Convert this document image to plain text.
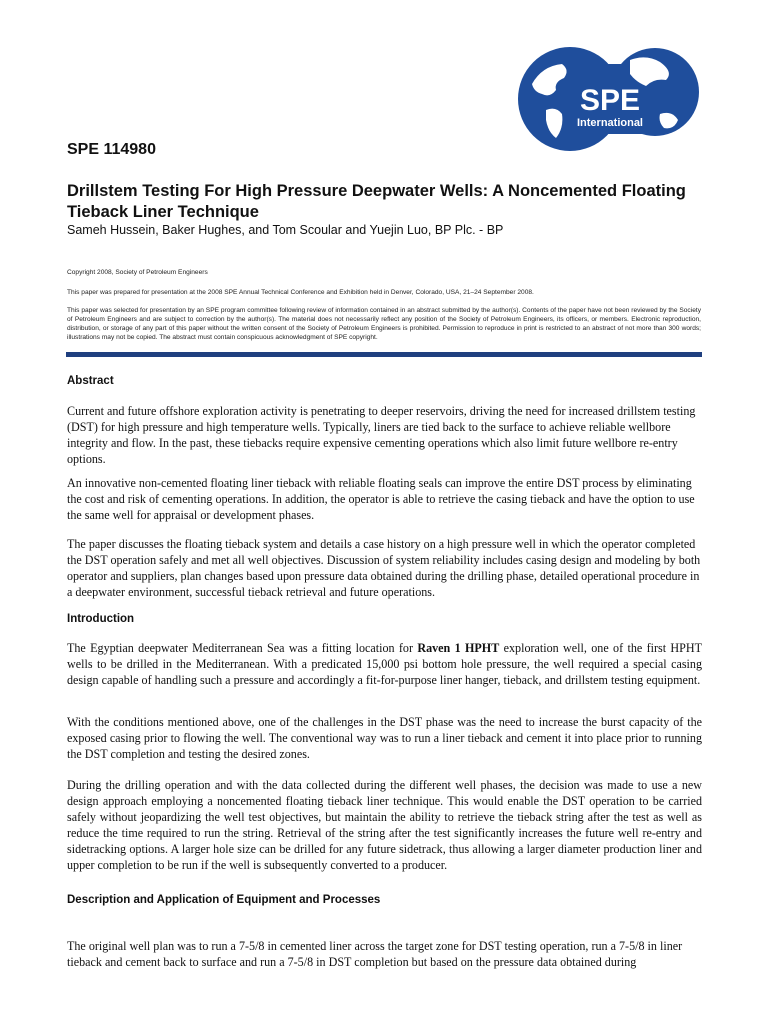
SPE
International
SPE 114980
Drillstem Testing For High Pressure Deepwater Wells: A Noncemented Floating Tieback Liner Technique
Sameh Hussein, Baker Hughes, and Tom Scoular and Yuejin Luo, BP Plc. - BP
Copyright 2008, Society of Petroleum Engineers
This paper was prepared for presentation at the 2008 SPE Annual Technical Conference and Exhibition held in Denver, Colorado, USA, 21–24 September 2008.
This paper was selected for presentation by an SPE program committee following review of information contained in an abstract submitted by the author(s). Contents of the paper have not been reviewed by the Society of Petroleum Engineers and are subject to correction by the author(s). The material does not necessarily reflect any position of the Society of Petroleum Engineers, its officers, or members. Electronic reproduction, distribution, or storage of any part of this paper without the written consent of the Society of Petroleum Engineers is prohibited. Permission to reproduce in print is restricted to an abstract of not more than 300 words; illustrations may not be copied. The abstract must contain conspicuous acknowledgment of SPE copyright.
Abstract

Current and future offshore exploration activity is penetrating to deeper reservoirs, driving the need for increased drillstem testing (DST) for high pressure and high temperature wells. Typically, liners are tied back to the surface to achieve reliable wellbore integrity and flow. In the past, these tiebacks require expensive cementing operations which also limit future wellbore re-entry options.

An innovative non-cemented floating liner tieback with reliable floating seals can improve the entire DST process by eliminating the cost and risk of cementing operations. In addition, the operator is able to retrieve the casing tieback and have the option to use the same well for appraisal or development phases.

The paper discusses the floating tieback system and details a case history on a high pressure well in which the operator completed the DST operation safely and met all well objectives. Discussion of system reliability includes casing design and modeling by both operator and suppliers, plan changes based upon pressure data obtained during the drilling phase, detailed operational procedure in a deepwater environment, successful tieback retrieval and future operations.

Introduction

The Egyptian deepwater Mediterranean Sea was a fitting location for Raven 1 HPHT exploration well, one of the first HPHT wells to be drilled in the Mediterranean. With a predicated 15,000 psi bottom hole pressure, the well required a special casing design capable of handling such a pressure and accordingly a fit-for-purpose liner hanger, tieback, and drillstem testing equipment.

With the conditions mentioned above, one of the challenges in the DST phase was the need to increase the burst capacity of the exposed casing prior to flowing the well. The conventional way was to run a liner tieback and cement it into place prior to running the DST completion and testing the desired zones.

During the drilling operation and with the data collected during the different well phases, the decision was made to use a new design approach employing a noncemented floating tieback liner technique. This would enable the DST operation to be carried safely without jeopardizing the well test objectives, but maintain the ability to retrieve the tieback string after the test as well as reduce the time required to run the string. Retrieval of the string after the test significantly increases the future well re-entry and sidetracking options. A larger hole size can be drilled for any future sidetrack, thus allowing a larger diameter production liner and upper completion to be run if the well is subsequently converted to a producer.

Description and Application of Equipment and Processes

The original well plan was to run a 7-5/8 in cemented liner across the target zone for DST testing operation, run a 7-5/8 in liner tieback and cement back to surface and run a 7-5/8 in DST completion but based on the pressure data obtained during
